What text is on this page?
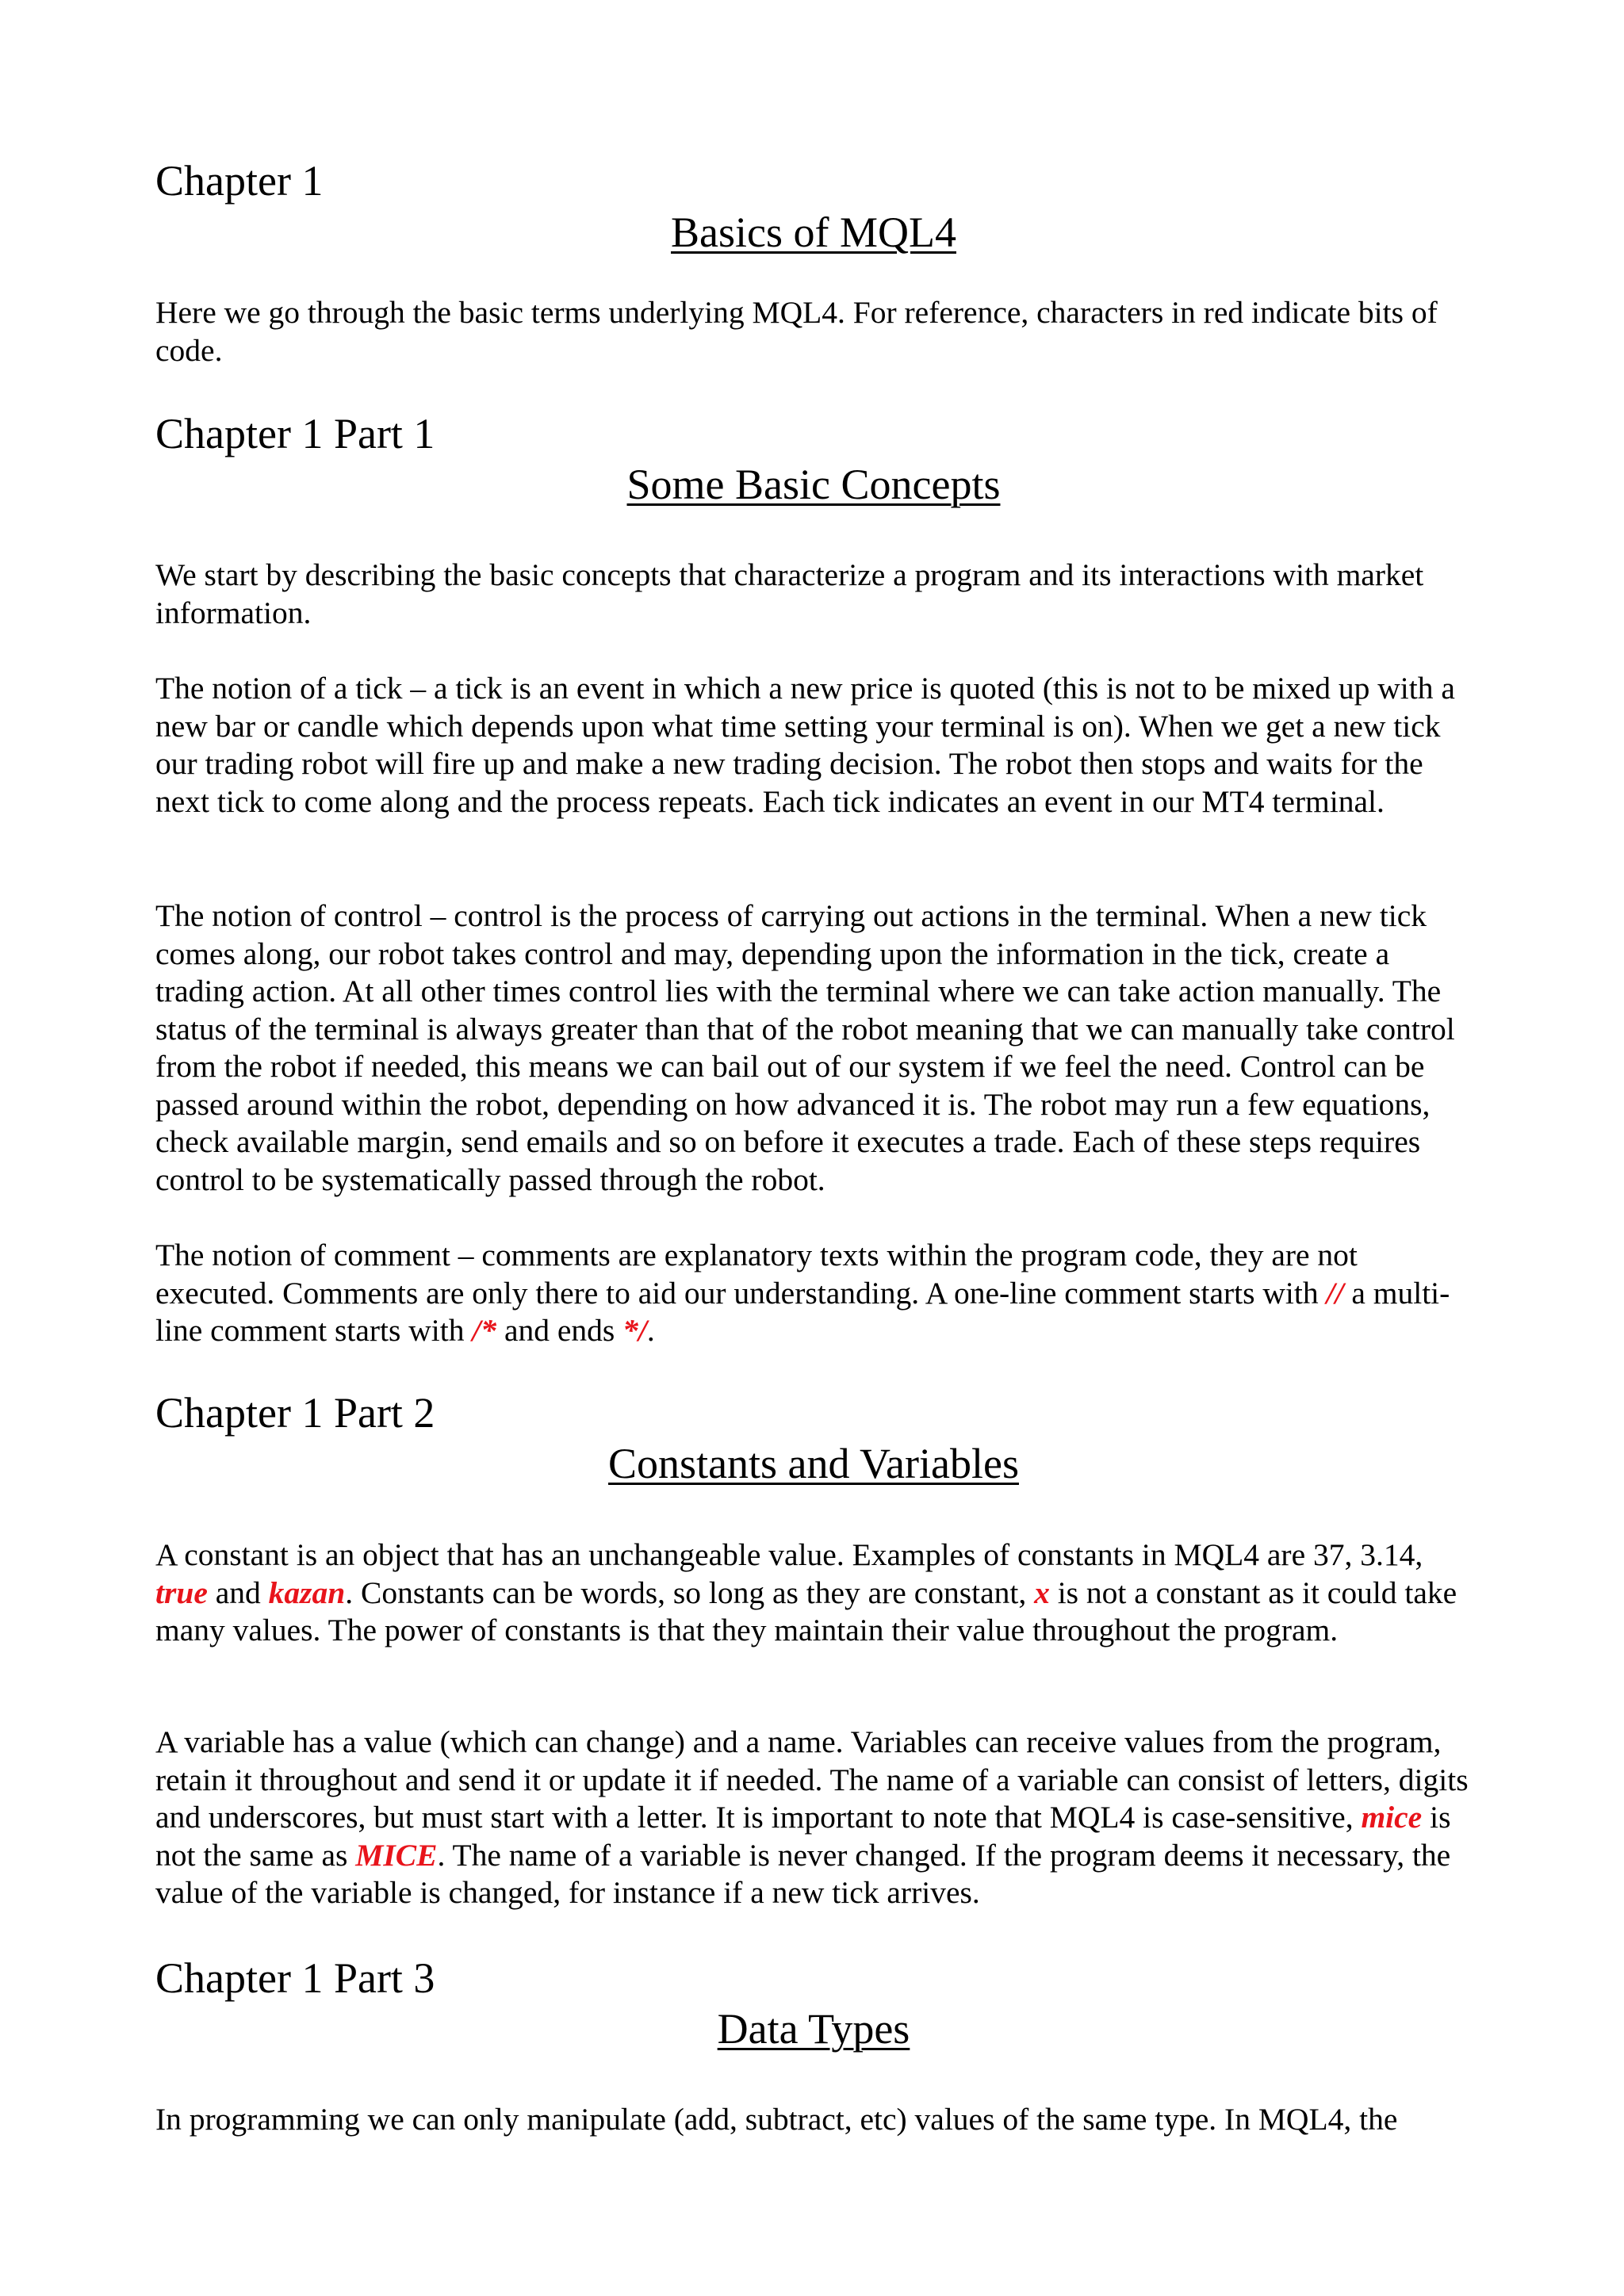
Chapter 1
Basics of MQL4
Here we go through the basic terms underlying MQL4. For reference, characters in red indicate bits of code.
Chapter 1 Part 1
Some Basic Concepts
We start by describing the basic concepts that characterize a program and its interactions with market information.
The notion of a tick – a tick is an event in which a new price is quoted (this is not to be mixed up with a new bar or candle which depends upon what time setting your terminal is on). When we get a new tick our trading robot will fire up and make a new trading decision. The robot then stops and waits for the next tick to come along and the process repeats. Each tick indicates an event in our MT4 terminal.
The notion of control – control is the process of carrying out actions in the terminal. When a new tick comes along, our robot takes control and may, depending upon the information in the tick, create a trading action. At all other times control lies with the terminal where we can take action manually. The status of the terminal is always greater than that of the robot meaning that we can manually take control from the robot if needed, this means we can bail out of our system if we feel the need. Control can be passed around within the robot, depending on how advanced it is. The robot may run a few equations, check available margin, send emails and so on before it executes a trade. Each of these steps requires control to be systematically passed through the robot.
The notion of comment – comments are explanatory texts within the program code, they are not executed. Comments are only there to aid our understanding. A one-line comment starts with // a multi-line comment starts with /* and ends */.
Chapter 1 Part 2
Constants and Variables
A constant is an object that has an unchangeable value. Examples of constants in MQL4 are 37, 3.14, true and kazan. Constants can be words, so long as they are constant, x is not a constant as it could take many values. The power of constants is that they maintain their value throughout the program.
A variable has a value (which can change) and a name. Variables can receive values from the program, retain it throughout and send it or update it if needed. The name of a variable can consist of letters, digits and underscores, but must start with a letter. It is important to note that MQL4 is case-sensitive, mice is not the same as MICE. The name of a variable is never changed. If the program deems it necessary, the value of the variable is changed, for instance if a new tick arrives.
Chapter 1 Part 3
Data Types
In programming we can only manipulate (add, subtract, etc) values of the same type. In MQL4, the
